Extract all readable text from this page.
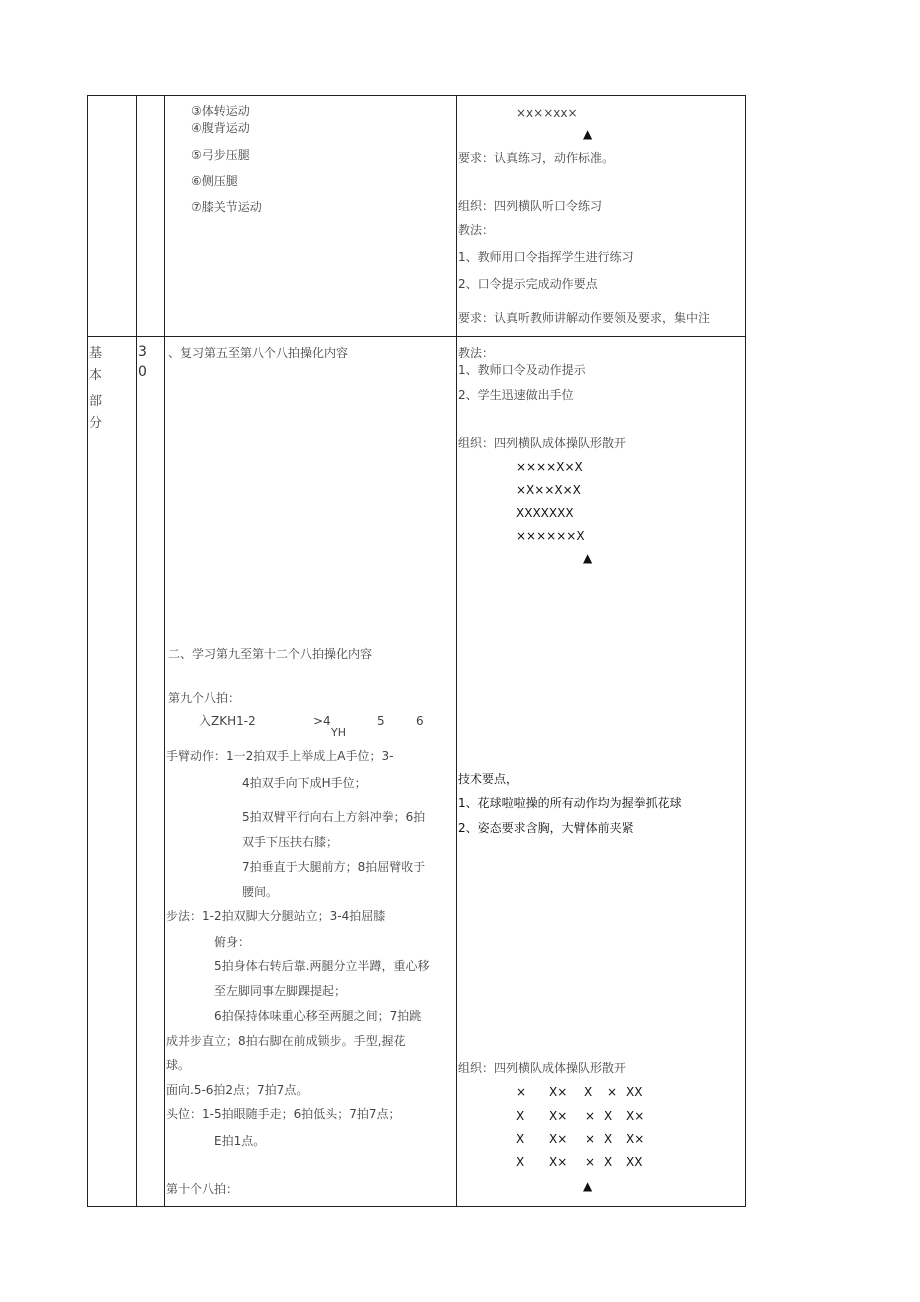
③体转运动
④腹背运动
⑤弓步压腿
⑥侧压腿
⑦膝关节运动
×x××xx×
▲
要求：认真练习，动作标准。
组织：四列横队听口令练习
教法：
1、教师用口令指挥学生进行练习
2、口令提示完成动作要点
要求：认真听教师讲解动作要领及要求，集中注
基
本
部
分
3
0
、复习第五至第八个八拍操化内容
二、学习第九至第十二个八拍操化内容
第九个八拍：
入ZKH1-2	>4
YH
5	6
手臂动作：1一2拍双手上举成上A手位；3-
4拍双手向下成H手位；
5拍双臂平行向右上方斜冲拳；6拍
双手下压扶右膝；
7拍垂直于大腿前方；8拍屈臂收于
腰间。
步法：1-2拍双脚大分腿站立；3-4拍屈膝
俯身：
5拍身体右转后靠.两腿分立半蹲，重心移
至左脚同事左脚踝提起；
6拍保持体味重心移至两腿之间；7拍跳
成并步直立；8拍右脚在前成锁步。手型,握花
球。
面向.5-6拍2点；7拍7点。
头位：1-5拍眼随手走；6拍低头；7拍7点；
E拍1点。
第十个八拍：
教法：
1、教师口令及动作提示
2、学生迅速做出手位
组织：四列横队成体操队形散开
××××X×X
×X××X×X
XXXXXXX
××××××X
▲
技术要点，
1、花球啦啦操的所有动作均为握拳抓花球
2、姿态要求含胸，大臂体前夹紧
组织：四列横队成体操队形散开
× X× X × XX
X X× × X X×
X X× × X X×
X X× × X XX
▲
